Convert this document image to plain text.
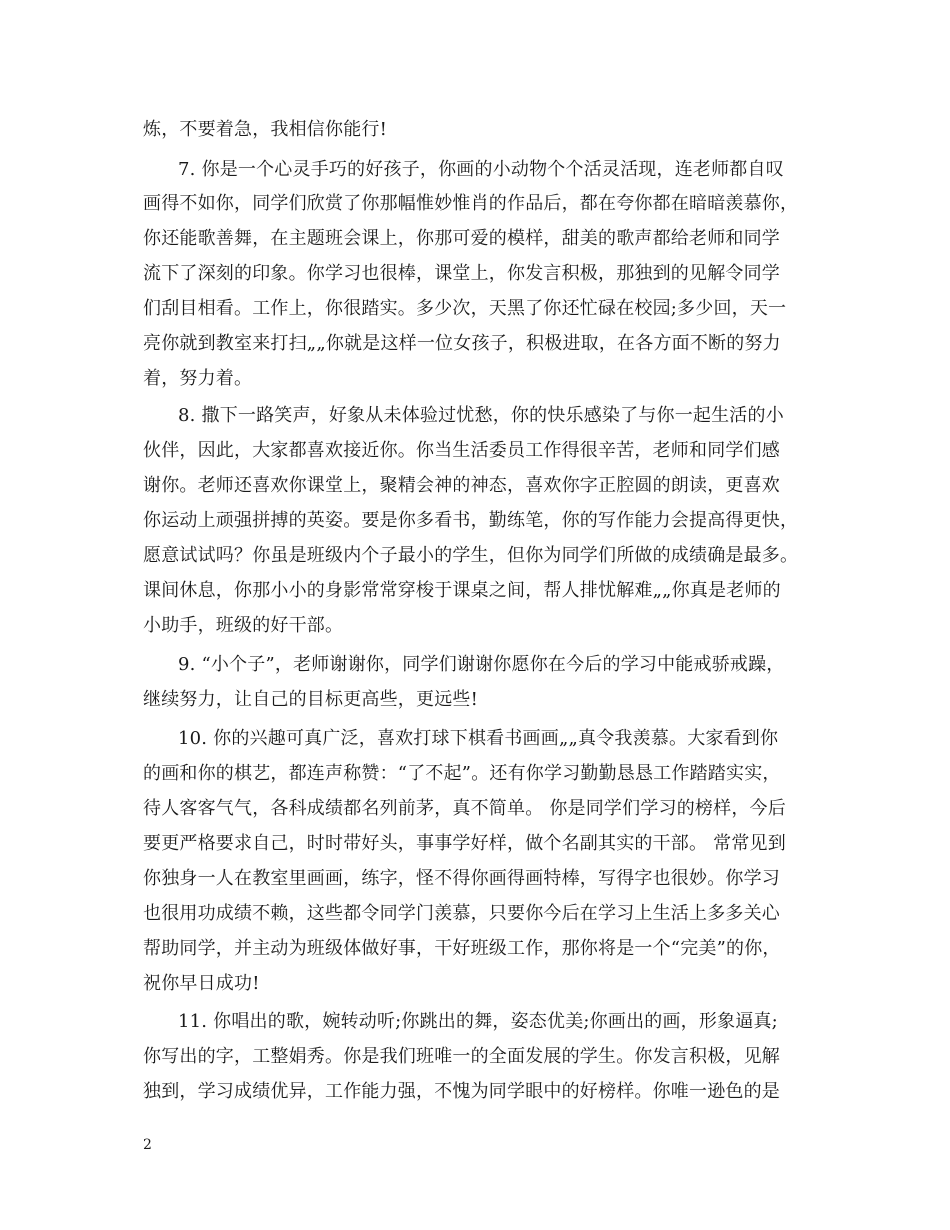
炼，不要着急，我相信你能行!
7. 你是一个心灵手巧的好孩子，你画的小动物个个活灵活现，连老师都自叹
画得不如你，同学们欣赏了你那幅惟妙惟肖的作品后，都在夸你都在暗暗羡慕你，
你还能歌善舞，在主题班会课上，你那可爱的模样，甜美的歌声都给老师和同学
流下了深刻的印象。你学习也很棒，课堂上，你发言积极，那独到的见解令同学
们刮目相看。工作上，你很踏实。多少次，天黑了你还忙碌在校园;多少回，天一
亮你就到教室来打扫„„你就是这样一位女孩子，积极进取，在各方面不断的努力
着，努力着。
8. 撒下一路笑声，好象从未体验过忧愁，你的快乐感染了与你一起生活的小
伙伴，因此，大家都喜欢接近你。你当生活委员工作得很辛苦，老师和同学们感
谢你。老师还喜欢你课堂上，聚精会神的神态，喜欢你字正腔圆的朗读，更喜欢
你运动上顽强拼搏的英姿。要是你多看书，勤练笔，你的写作能力会提高得更快，
愿意试试吗？你虽是班级内个子最小的学生，但你为同学们所做的成绩确是最多。
课间休息，你那小小的身影常常穿梭于课桌之间，帮人排忧解难„„你真是老师的
小助手，班级的好干部。
9. “小个子”，老师谢谢你，同学们谢谢你愿你在今后的学习中能戒骄戒躁，
继续努力，让自己的目标更高些，更远些!
10. 你的兴趣可真广泛，喜欢打球下棋看书画画„„真令我羡慕。大家看到你
的画和你的棋艺，都连声称赞：“了不起”。还有你学习勤勤恳恳工作踏踏实实，
待人客客气气，各科成绩都名列前茅，真不简单。 你是同学们学习的榜样，今后
要更严格要求自己，时时带好头，事事学好样，做个名副其实的干部。 常常见到
你独身一人在教室里画画，练字，怪不得你画得画特棒，写得字也很妙。你学习
也很用功成绩不赖，这些都令同学门羡慕，只要你今后在学习上生活上多多关心
帮助同学，并主动为班级体做好事，干好班级工作，那你将是一个“完美”的你，
祝你早日成功!
11. 你唱出的歌，婉转动听;你跳出的舞，姿态优美;你画出的画，形象逼真;
你写出的字，工整娟秀。你是我们班唯一的全面发展的学生。你发言积极，见解
独到，学习成绩优异，工作能力强，不愧为同学眼中的好榜样。你唯一逊色的是
2
